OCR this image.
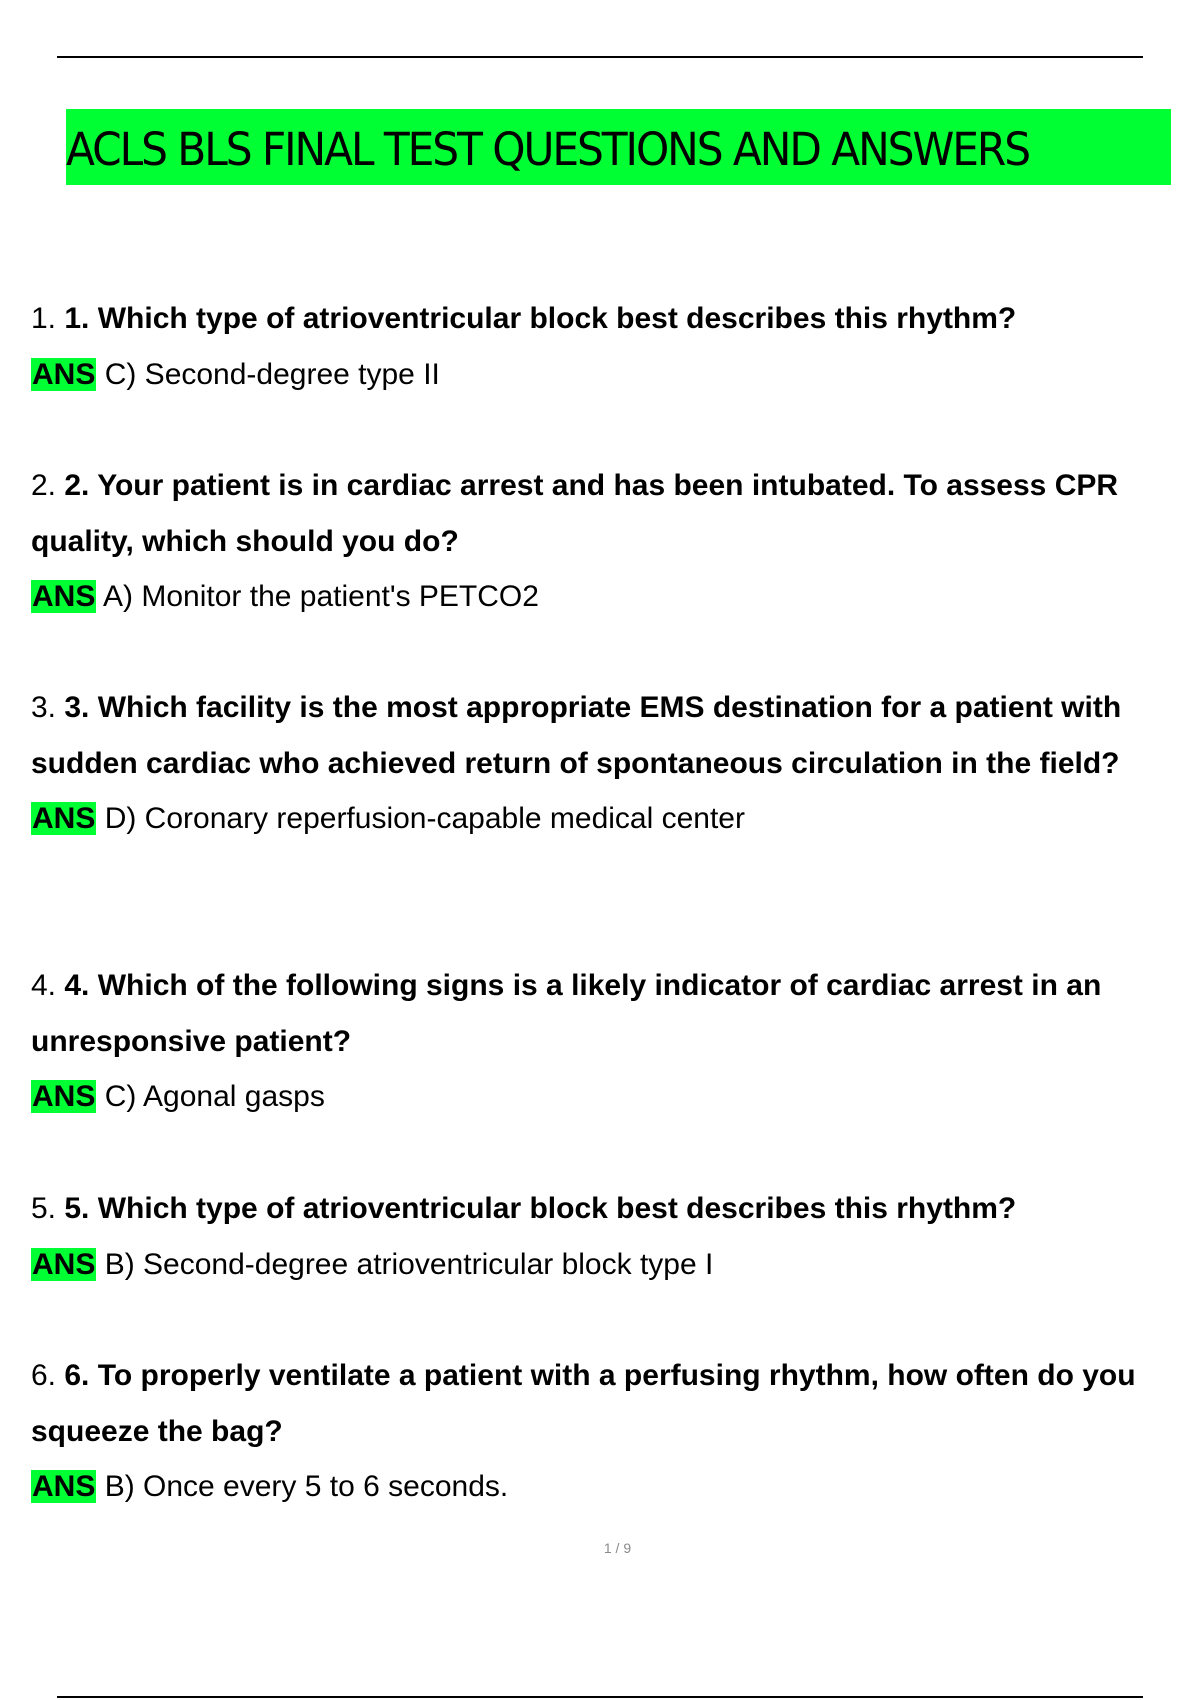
ACLS BLS FINAL TEST QUESTIONS AND ANSWERS

1. 1. Which type of atrioventricular block best describes this rhythm?

ANS C) Second-degree type II

2. 2. Your patient is in cardiac arrest and has been intubated. To assess CPR quality, which should you do?

ANS A) Monitor the patient's PETCO2

3. 3. Which facility is the most appropriate EMS destination for a patient with sudden cardiac who achieved return of spontaneous circulation in the field?

ANS D) Coronary reperfusion-capable medical center

4. 4. Which of the following signs is a likely indicator of cardiac arrest in an unresponsive patient?

ANS C) Agonal gasps

5. 5. Which type of atrioventricular block best describes this rhythm?

ANS B) Second-degree atrioventricular block type I

6. 6. To properly ventilate a patient with a perfusing rhythm, how often do you squeeze the bag?

ANS B) Once every 5 to 6 seconds.

1 / 9
